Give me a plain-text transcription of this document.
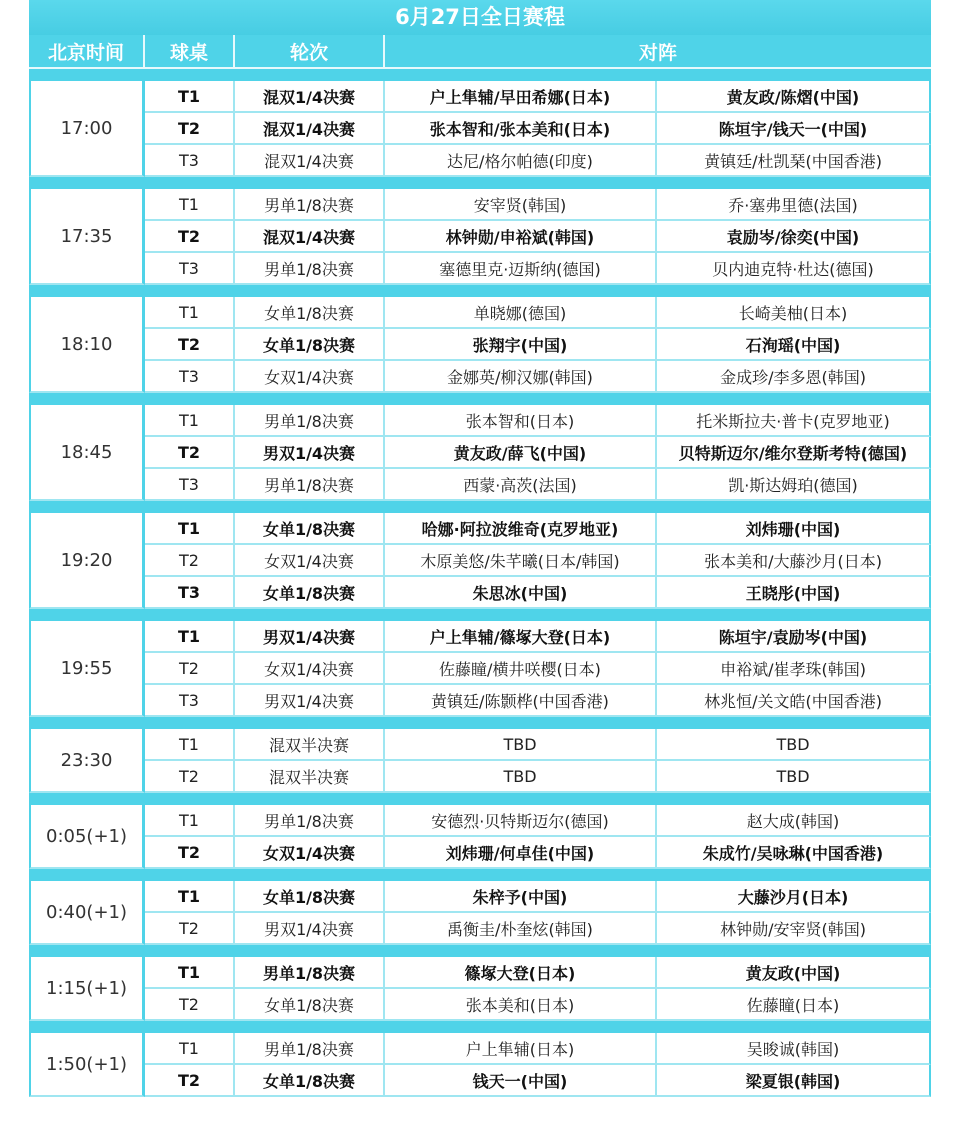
6月27日全日赛程
北京时间	球桌	轮次	对阵	

17:00	T1	混双1/4决赛	户上隼辅/早田希娜(日本)	黄友政/陈熠(中国)
	T2	混双1/4决赛	张本智和/张本美和(日本)	陈垣宇/钱天一(中国)
	T3	混双1/4决赛	达尼/格尔帕德(印度)	黄镇廷/杜凯琹(中国香港)

17:35	T1	男单1/8决赛	安宰贤(韩国)	乔·塞弗里德(法国)
	T2	混双1/4决赛	林钟勋/申裕斌(韩国)	袁励岑/徐奕(中国)
	T3	男单1/8决赛	塞德里克·迈斯纳(德国)	贝内迪克特·杜达(德国)

18:10	T1	女单1/8决赛	单晓娜(德国)	长崎美柚(日本)
	T2	女单1/8决赛	张翔宇(中国)	石洵瑶(中国)
	T3	女双1/4决赛	金娜英/柳汉娜(韩国)	金成珍/李多恩(韩国)

18:45	T1	男单1/8决赛	张本智和(日本)	托米斯拉夫·普卡(克罗地亚)
	T2	男双1/4决赛	黄友政/薛飞(中国)	贝特斯迈尔/维尔登斯考特(德国)
	T3	男单1/8决赛	西蒙·高茨(法国)	凯·斯达姆珀(德国)

19:20	T1	女单1/8决赛	哈娜·阿拉波维奇(克罗地亚)	刘炜珊(中国)
	T2	女双1/4决赛	木原美悠/朱芊曦(日本/韩国)	张本美和/大藤沙月(日本)
	T3	女单1/8决赛	朱思冰(中国)	王晓彤(中国)

19:55	T1	男双1/4决赛	户上隼辅/篠塚大登(日本)	陈垣宇/袁励岑(中国)
	T2	女双1/4决赛	佐藤瞳/横井咲樱(日本)	申裕斌/崔孝珠(韩国)
	T3	男双1/4决赛	黄镇廷/陈颢桦(中国香港)	林兆恒/关文皓(中国香港)

23:30	T1	混双半决赛	TBD	TBD
	T2	混双半决赛	TBD	TBD

0:05(+1)	T1	男单1/8决赛	安德烈·贝特斯迈尔(德国)	赵大成(韩国)
	T2	女双1/4决赛	刘炜珊/何卓佳(中国)	朱成竹/吴咏琳(中国香港)

0:40(+1)	T1	女单1/8决赛	朱梓予(中国)	大藤沙月(日本)
	T2	男双1/4决赛	禹衡圭/朴奎炫(韩国)	林钟勋/安宰贤(韩国)

1:15(+1)	T1	男单1/8决赛	篠塚大登(日本)	黄友政(中国)
	T2	女单1/8决赛	张本美和(日本)	佐藤瞳(日本)

1:50(+1)	T1	男单1/8决赛	户上隼辅(日本)	吴晙诚(韩国)
	T2	女单1/8决赛	钱天一(中国)	梁夏银(韩国)
